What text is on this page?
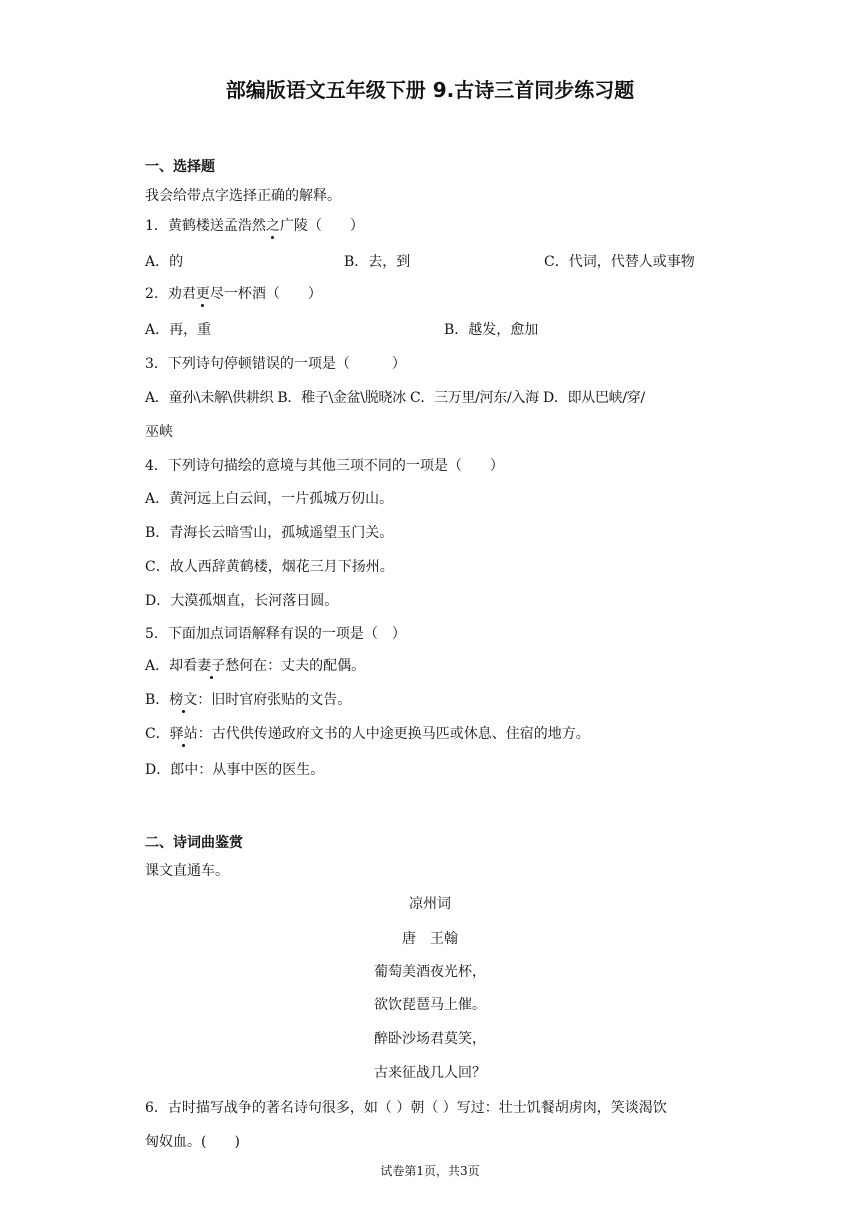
部编版语文五年级下册 9.古诗三首同步练习题
一、选择题
我会给带点字选择正确的解释。
1．黄鹤楼送孟浩然之广陵（　　）
A．的	B．去，到	C．代词，代替人或事物
2．劝君更尽一杯酒（　　）
A．再，重	B．越发，愈加
3．下列诗句停顿错误的一项是（　　　）
A．童孙\未解\供耕织 B．稚子\金盆\脱晓冰 C．三万里/河东/入海 D．即从巴峡/穿/
巫峡
4．下列诗句描绘的意境与其他三项不同的一项是（　　）
A．黄河远上白云间，一片孤城万仞山。
B．青海长云暗雪山，孤城遥望玉门关。
C．故人西辞黄鹤楼，烟花三月下扬州。
D．大漠孤烟直，长河落日圆。
5．下面加点词语解释有误的一项是（　）
A．却看妻子愁何在：丈夫的配偶。
B．榜文：旧时官府张贴的文告。
C．驿站：古代供传递政府文书的人中途更换马匹或休息、住宿的地方。
D．郎中：从事中医的医生。
二、诗词曲鉴赏
课文直通车。
凉州词
唐　王翰
葡萄美酒夜光杯，
欲饮琵琶马上催。
醉卧沙场君莫笑，
古来征战几人回？
6．古时描写战争的著名诗句很多，如（ ）朝（ ）写过：壮士饥餐胡虏肉，笑谈渴饮
匈奴血。(　　)
试卷第1页，共3页
